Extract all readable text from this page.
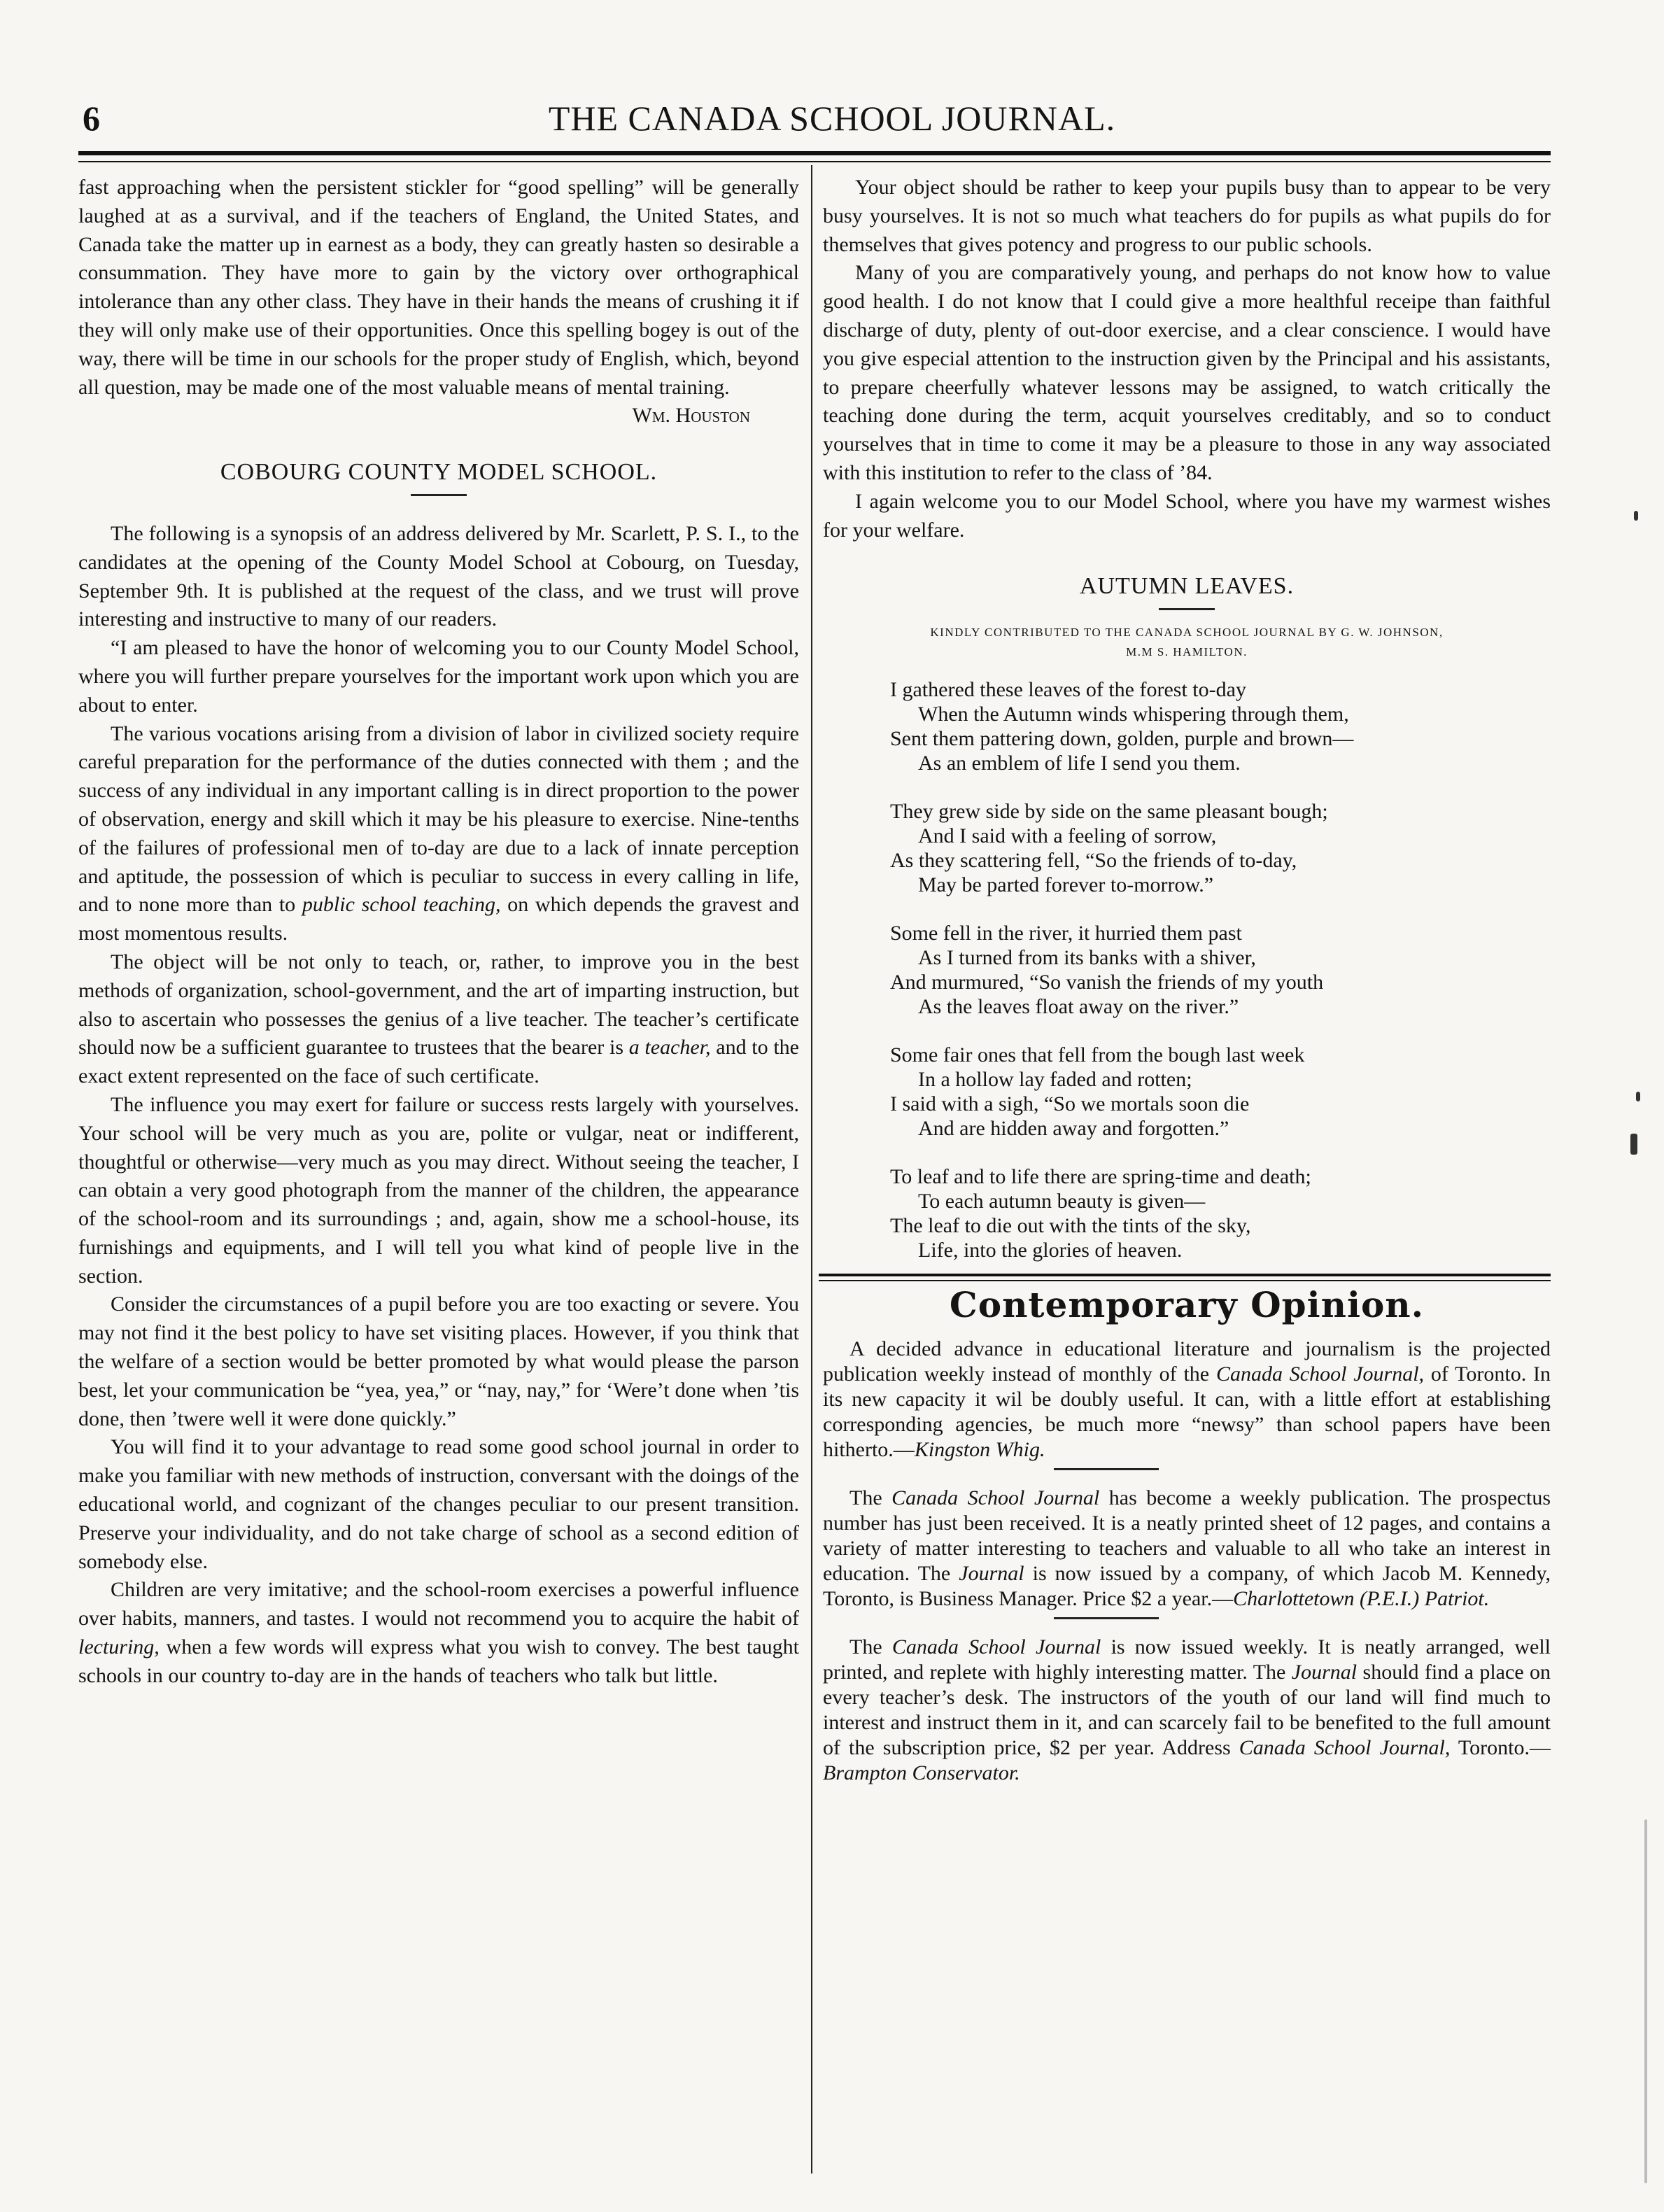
6	THE CANADA SCHOOL JOURNAL.

fast approaching when the persistent stickler for “good spelling” will be generally laughed at as a survival, and if the teachers of England, the United States, and Canada take the matter up in earnest as a body, they can greatly hasten so desirable a consummation. They have more to gain by the victory over orthographical intolerance than any other class. They have in their hands the means of crushing it if they will only make use of their opportunities. Once this spelling bogey is out of the way, there will be time in our schools for the proper study of English, which, beyond all question, may be made one of the most valuable means of mental training.

Wm. Houston
COBOURG COUNTY MODEL SCHOOL.

The following is a synopsis of an address delivered by Mr. Scarlett, P. S. I., to the candidates at the opening of the County Model School at Cobourg, on Tuesday, September 9th. It is published at the request of the class, and we trust will prove interesting and instructive to many of our readers.

“I am pleased to have the honor of welcoming you to our County Model School, where you will further prepare yourselves for the important work upon which you are about to enter.

The various vocations arising from a division of labor in civilized society require careful preparation for the performance of the duties connected with them ; and the success of any individual in any important calling is in direct proportion to the power of observation, energy and skill which it may be his pleasure to exercise. Nine-tenths of the failures of professional men of to-day are due to a lack of innate perception and aptitude, the possession of which is peculiar to success in every calling in life, and to none more than to public school teaching, on which depends the gravest and most momentous results.

The object will be not only to teach, or, rather, to improve you in the best methods of organization, school-government, and the art of imparting instruction, but also to ascertain who possesses the genius of a live teacher. The teacher’s certificate should now be a sufficient guarantee to trustees that the bearer is a teacher, and to the exact extent represented on the face of such certificate.

The influence you may exert for failure or success rests largely with yourselves. Your school will be very much as you are, polite or vulgar, neat or indifferent, thoughtful or otherwise—very much as you may direct. Without seeing the teacher, I can obtain a very good photograph from the manner of the children, the appearance of the school-room and its surroundings ; and, again, show me a school-house, its furnishings and equipments, and I will tell you what kind of people live in the section.

Consider the circumstances of a pupil before you are too exacting or severe. You may not find it the best policy to have set visiting places. However, if you think that the welfare of a section would be better promoted by what would please the parson best, let your communication be “yea, yea,” or “nay, nay,” for ‘Were’t done when ’tis done, then ’twere well it were done quickly.”

You will find it to your advantage to read some good school journal in order to make you familiar with new methods of instruction, conversant with the doings of the educational world, and cognizant of the changes peculiar to our present transition. Preserve your individuality, and do not take charge of school as a second edition of somebody else.

Children are very imitative; and the school-room exercises a powerful influence over habits, manners, and tastes. I would not recommend you to acquire the habit of lecturing, when a few words will express what you wish to convey. The best taught schools in our country to-day are in the hands of teachers who talk but little.

Your object should be rather to keep your pupils busy than to appear to be very busy yourselves. It is not so much what teachers do for pupils as what pupils do for themselves that gives potency and progress to our public schools.

Many of you are comparatively young, and perhaps do not know how to value good health. I do not know that I could give a more healthful receipe than faithful discharge of duty, plenty of out-door exercise, and a clear conscience. I would have you give especial attention to the instruction given by the Principal and his assistants, to prepare cheerfully whatever lessons may be assigned, to watch critically the teaching done during the term, acquit yourselves creditably, and so to conduct yourselves that in time to come it may be a pleasure to those in any way associated with this institution to refer to the class of ’84.

I again welcome you to our Model School, where you have my warmest wishes for your welfare.

AUTUMN LEAVES.
KINDLY CONTRIBUTED TO THE CANADA SCHOOL JOURNAL BY G. W. JOHNSON,
M.M S. HAMILTON.
I gathered these leaves of the forest to-day
When the Autumn winds whispering through them,
Sent them pattering down, golden, purple and brown—
As an emblem of life I send you them.
They grew side by side on the same pleasant bough;
And I said with a feeling of sorrow,
As they scattering fell, “So the friends of to-day,
May be parted forever to-morrow.”
Some fell in the river, it hurried them past
As I turned from its banks with a shiver,
And murmured, “So vanish the friends of my youth
As the leaves float away on the river.”
Some fair ones that fell from the bough last week
In a hollow lay faded and rotten;
I said with a sigh, “So we mortals soon die
And are hidden away and forgotten.”
To leaf and to life there are spring-time and death;
To each autumn beauty is given—
The leaf to die out with the tints of the sky,
Life, into the glories of heaven.
Contemporary Opinion.

A decided advance in educational literature and journalism is the projected publication weekly instead of monthly of the Canada School Journal, of Toronto. In its new capacity it wil be doubly useful. It can, with a little effort at establishing corresponding agencies, be much more “newsy” than school papers have been hitherto.—Kingston Whig.

The Canada School Journal has become a weekly publication. The prospectus number has just been received. It is a neatly printed sheet of 12 pages, and contains a variety of matter interesting to teachers and valuable to all who take an interest in education. The Journal is now issued by a company, of which Jacob M. Kennedy, Toronto, is Business Manager. Price $2 a year.—Charlottetown (P.E.I.) Patriot.

The Canada School Journal is now issued weekly. It is neatly arranged, well printed, and replete with highly interesting matter. The Journal should find a place on every teacher’s desk. The instructors of the youth of our land will find much to interest and instruct them in it, and can scarcely fail to be benefited to the full amount of the subscription price, $2 per year. Address Canada School Journal, Toronto.—Brampton Conservator.
